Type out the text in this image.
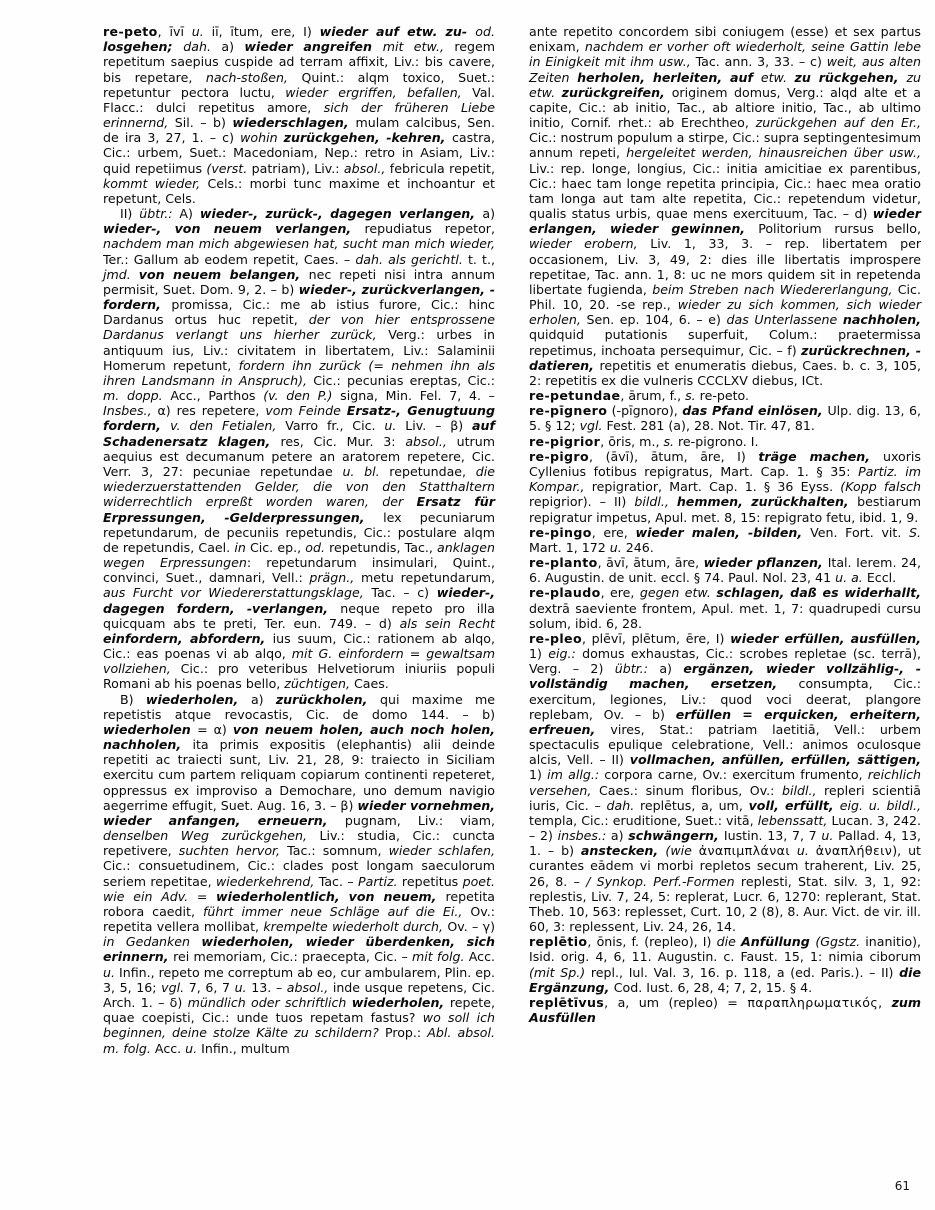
re-peto, īvī u. iī, ītum, ere, I) wieder auf etw. zu- od. losgehen; dah. a) wieder angreifen mit etw., regem repetitum saepius cuspide ad terram affixit, Liv.: bis cavere, bis repetare, nach-stoßen, Quint.: alqm toxico, Suet.: repetuntur pectora luctu, wieder ergriffen, befallen, Val. Flacc.: dulci repetitus amore, sich der früheren Liebe erinnernd, Sil. – b) wiederschlagen, mulam calcibus, Sen. de ira 3, 27, 1. – c) wohin zurückgehen, -kehren, castra, Cic.: urbem, Suet.: Macedoniam, Nep.: retro in Asiam, Liv.: quid repetiimus (verst. patriam), Liv.: absol., febricula repetit, kommt wieder, Cels.: morbi tunc maxime et inchoantur et repetunt, Cels.

II) übtr.: A) wieder-, zurück-, dagegen verlangen, a) wieder-, von neuem verlangen, repudiatus repetor, nachdem man mich abgewiesen hat, sucht man mich wieder, Ter.: Gallum ab eodem repetit, Caes. – dah. als gerichtl. t. t., jmd. von neuem belangen, nec repeti nisi intra annum permisit, Suet. Dom. 9, 2. – b) wieder-, zurückverlangen, -fordern, promissa, Cic.: me ab istius furore, Cic.: hinc Dardanus ortus huc repetit, der von hier entsprossene Dardanus verlangt uns hierher zurück, Verg.: urbes in antiquum ius, Liv.: civitatem in libertatem, Liv.: Salaminii Homerum repetunt, fordern ihn zurück (= nehmen ihn als ihren Landsmann in Anspruch), Cic.: pecunias ereptas, Cic.: m. dopp. Acc., Parthos (v. den P.) signa, Min. Fel. 7, 4. – Insbes., α) res repetere, vom Feinde Ersatz-, Genugtuung fordern, v. den Fetialen, Varro fr., Cic. u. Liv. – β) auf Schadenersatz klagen, res, Cic. Mur. 3: absol., utrum aequius est decumanum petere an aratorem repetere, Cic. Verr. 3, 27: pecuniae repetundae u. bl. repetundae, die wiederzuerstattenden Gelder, die von den Statthaltern widerrechtlich erpreßt worden waren, der Ersatz für Erpressungen, -Gelderpressungen, lex pecuniarum repetundarum, de pecuniis repetundis, Cic.: postulare alqm de repetundis, Cael. in Cic. ep., od. repetundis, Tac., anklagen wegen Erpressungen: repetundarum insimulari, Quint., convinci, Suet., damnari, Vell.: prägn., metu repetundarum, aus Furcht vor Wiedererstattungsklage, Tac. – c) wieder-, dagegen fordern, -verlangen, neque repeto pro illa quicquam abs te preti, Ter. eun. 749. – d) als sein Recht einfordern, abfordern, ius suum, Cic.: rationem ab alqo, Cic.: eas poenas vi ab alqo, mit G. einfordern = gewaltsam vollziehen, Cic.: pro veteribus Helvetiorum iniuriis populi Romani ab his poenas bello, züchtigen, Caes.

B) wiederholen, a) zurückholen, qui maxime me repetistis atque revocastis, Cic. de domo 144. – b) wiederholen = α) von neuem holen, auch noch holen, nachholen, ita primis expositis (elephantis) alii deinde repetiti ac traiecti sunt, Liv. 21, 28, 9: traiecto in Siciliam exercitu cum partem reliquam copiarum continenti repeteret, oppressus ex improviso a Demochare, uno demum navigio aegerrime effugit, Suet. Aug. 16, 3. – β) wieder vornehmen, wieder anfangen, erneuern, pugnam, Liv.: viam, denselben Weg zurückgehen, Liv.: studia, Cic.: cuncta repetivere, suchten hervor, Tac.: somnum, wieder schlafen, Cic.: consuetudinem, Cic.: clades post longam saeculorum seriem repetitae, wiederkehrend, Tac. – Partiz. repetitus poet. wie ein Adv. = wiederholentlich, von neuem, repetita robora caedit, führt immer neue Schläge auf die Ei., Ov.: repetita vellera mollibat, krempelte wiederholt durch, Ov. – γ) in Gedanken wiederholen, wieder überdenken, sich erinnern, rei memoriam, Cic.: praecepta, Cic. – mit folg. Acc. u. Infin., repeto me correptum ab eo, cur ambularem, Plin. ep. 3, 5, 16; vgl. 7, 6, 7 u. 13. – absol., inde usque repetens, Cic. Arch. 1. – δ) mündlich oder schriftlich wiederholen, repete, quae coepisti, Cic.: unde tuos repetam fastus? wo soll ich beginnen, deine stolze Kälte zu schildern? Prop.: Abl. absol. m. folg. Acc. u. Infin., multum

ante repetito concordem sibi coniugem (esse) et sex partus enixam, nachdem er vorher oft wiederholt, seine Gattin lebe in Einigkeit mit ihm usw., Tac. ann. 3, 33. – c) weit, aus alten Zeiten herholen, herleiten, auf etw. zu rückgehen, zu etw. zurückgreifen, originem domus, Verg.: alqd alte et a capite, Cic.: ab initio, Tac., ab altiore initio, Tac., ab ultimo initio, Cornif. rhet.: ab Erechtheo, zurückgehen auf den Er., Cic.: nostrum populum a stirpe, Cic.: supra septingentesimum annum repeti, hergeleitet werden, hinausreichen über usw., Liv.: rep. longe, longius, Cic.: initia amicitiae ex parentibus, Cic.: haec tam longe repetita principia, Cic.: haec mea oratio tam longa aut tam alte repetita, Cic.: repetendum videtur, qualis status urbis, quae mens exercituum, Tac. – d) wieder erlangen, wieder gewinnen, Politorium rursus bello, wieder erobern, Liv. 1, 33, 3. – rep. libertatem per occasionem, Liv. 3, 49, 2: dies ille libertatis improspere repetitae, Tac. ann. 1, 8: uc ne mors quidem sit in repetenda libertate fugienda, beim Streben nach Wiedererlangung, Cic. Phil. 10, 20. -se rep., wieder zu sich kommen, sich wieder erholen, Sen. ep. 104, 6. – e) das Unterlassene nachholen, quidquid putationis superfuit, Colum.: praetermissa repetimus, inchoata persequimur, Cic. – f) zurückrechnen, -datieren, repetitis et enumeratis diebus, Caes. b. c. 3, 105, 2: repetitis ex die vulneris CCCLXV diebus, ICt.

re-petundae, ārum, f., s. re-peto.

re-pīgnero (-pīgnoro), das Pfand einlösen, Ulp. dig. 13, 6, 5. § 12; vgl. Fest. 281 (a), 28. Not. Tir. 47, 81.

re-pigrior, ōris, m., s. re-pigrono. I.

re-pigro, (āvī), ātum, āre, I) träge machen, uxoris Cyllenius fotibus repigratus, Mart. Cap. 1. § 35: Partiz. im Kompar., repigratior, Mart. Cap. 1. § 36 Eyss. (Kopp falsch repigrior). – II) bildl., hemmen, zurückhalten, bestiarum repigratur impetus, Apul. met. 8, 15: repigrato fetu, ibid. 1, 9.

re-pingo, ere, wieder malen, -bilden, Ven. Fort. vit. S. Mart. 1, 172 u. 246.

re-planto, āvī, ātum, āre, wieder pflanzen, Ital. Ierem. 24, 6. Augustin. de unit. eccl. § 74. Paul. Nol. 23, 41 u. a. Eccl.

re-plaudo, ere, gegen etw. schlagen, daß es widerhallt, dextrā saeviente frontem, Apul. met. 1, 7: quadrupedi cursu solum, ibid. 6, 28.

re-pleo, plēvī, plētum, ēre, I) wieder erfüllen, ausfüllen, 1) eig.: domus exhaustas, Cic.: scrobes repletae (sc. terrā), Verg. – 2) übtr.: a) ergänzen, wieder vollzählig-, -vollständig machen, ersetzen, consumpta, Cic.: exercitum, legiones, Liv.: quod voci deerat, plangore replebam, Ov. – b) erfüllen = erquicken, erheitern, erfreuen, vires, Stat.: patriam laetitiā, Vell.: urbem spectaculis epulique celebratione, Vell.: animos oculosque alcis, Vell. – II) vollmachen, anfüllen, erfüllen, sättigen, 1) im allg.: corpora carne, Ov.: exercitum frumento, reichlich versehen, Caes.: sinum floribus, Ov.: bildl., repleri scientiā iuris, Cic. – dah. replētus, a, um, voll, erfüllt, eig. u. bildl., templa, Cic.: eruditione, Suet.: vitā, lebenssatt, Lucan. 3, 242. – 2) insbes.: a) schwängern, Iustin. 13, 7, 7 u. Pallad. 4, 13, 1. – b) anstecken, (wie ἀναπιμπλάναι u. ἀναπλήθειν), ut curantes eādem vi morbi repletos secum traherent, Liv. 25, 26, 8. – / Synkop. Perf.-Formen replesti, Stat. silv. 3, 1, 92: replestis, Liv. 7, 24, 5: replerat, Lucr. 6, 1270: replerant, Stat. Theb. 10, 563: replesset, Curt. 10, 2 (8), 8. Aur. Vict. de vir. ill. 60, 3: replessent, Liv. 24, 26, 14.

replētio, ōnis, f. (repleo), I) die Anfüllung (Ggstz. inanitio), Isid. orig. 4, 6, 11. Augustin. c. Faust. 15, 1: nimia ciborum (mit Sp.) repl., Iul. Val. 3, 16. p. 118, a (ed. Paris.). – II) die Ergänzung, Cod. Iust. 6, 28, 4; 7, 2, 15. § 4.

replētīvus, a, um (repleo) = παραπληρωματικός, zum Ausfüllen

61
